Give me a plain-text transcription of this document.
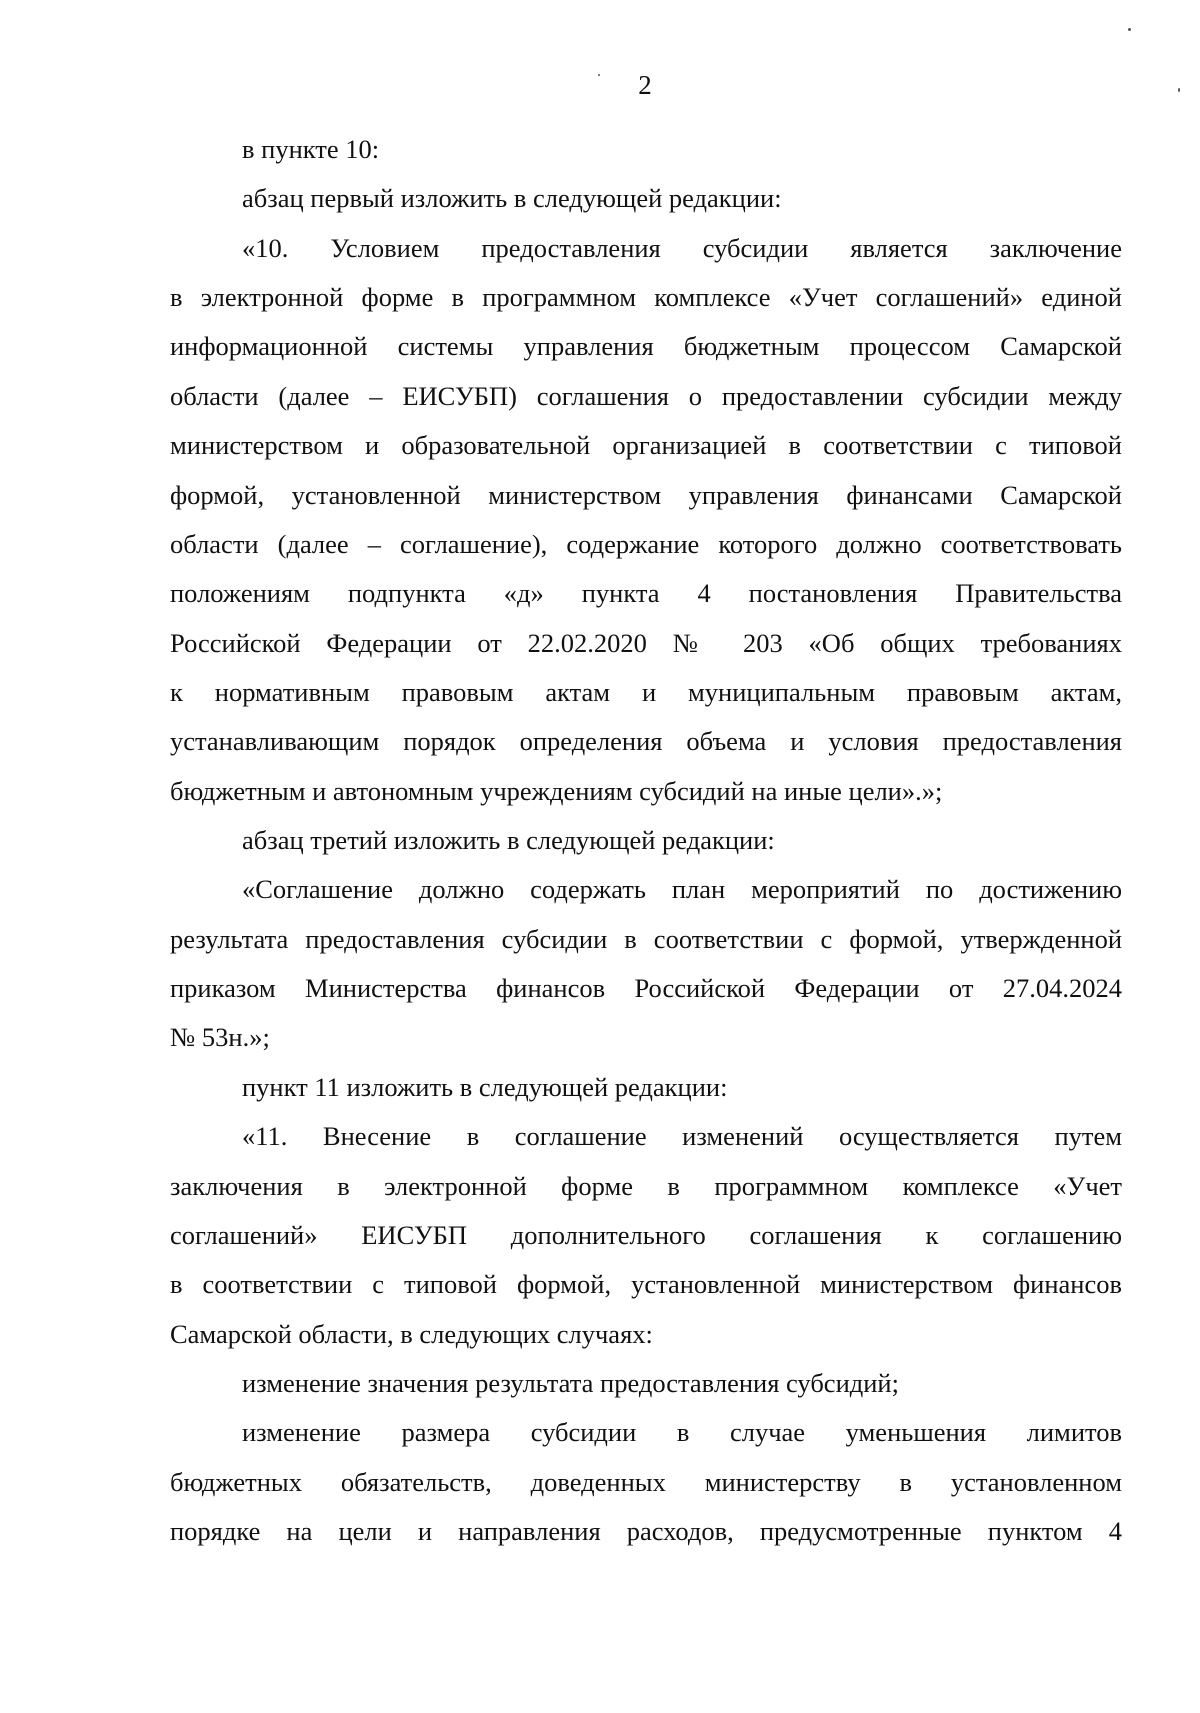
2
в пункте 10:
абзац первый изложить в следующей редакции:
«10. Условием предоставления субсидии является заключение
в электронной форме в программном комплексе «Учет соглашений» единой
информационной системы управления бюджетным процессом Самарской
области (далее – ЕИСУБП) соглашения о предоставлении субсидии между
министерством и образовательной организацией в соответствии с типовой
формой, установленной министерством управления финансами Самарской
области (далее – соглашение), содержание которого должно соответствовать
положениям подпункта «д» пункта 4 постановления Правительства
Российской Федерации от 22.02.2020 № 203 «Об общих требованиях
к нормативным правовым актам и муниципальным правовым актам,
устанавливающим порядок определения объема и условия предоставления
бюджетным и автономным учреждениям субсидий на иные цели».»;
абзац третий изложить в следующей редакции:
«Соглашение должно содержать план мероприятий по достижению
результата предоставления субсидии в соответствии с формой, утвержденной
приказом Министерства финансов Российской Федерации от 27.04.2024
№ 53н.»;
пункт 11 изложить в следующей редакции:
«11. Внесение в соглашение изменений осуществляется путем
заключения в электронной форме в программном комплексе «Учет
соглашений» ЕИСУБП дополнительного соглашения к соглашению
в соответствии с типовой формой, установленной министерством финансов
Самарской области, в следующих случаях:
изменение значения результата предоставления субсидий;
изменение размера субсидии в случае уменьшения лимитов
бюджетных обязательств, доведенных министерству в установленном
порядке на цели и направления расходов, предусмотренные пунктом 4
